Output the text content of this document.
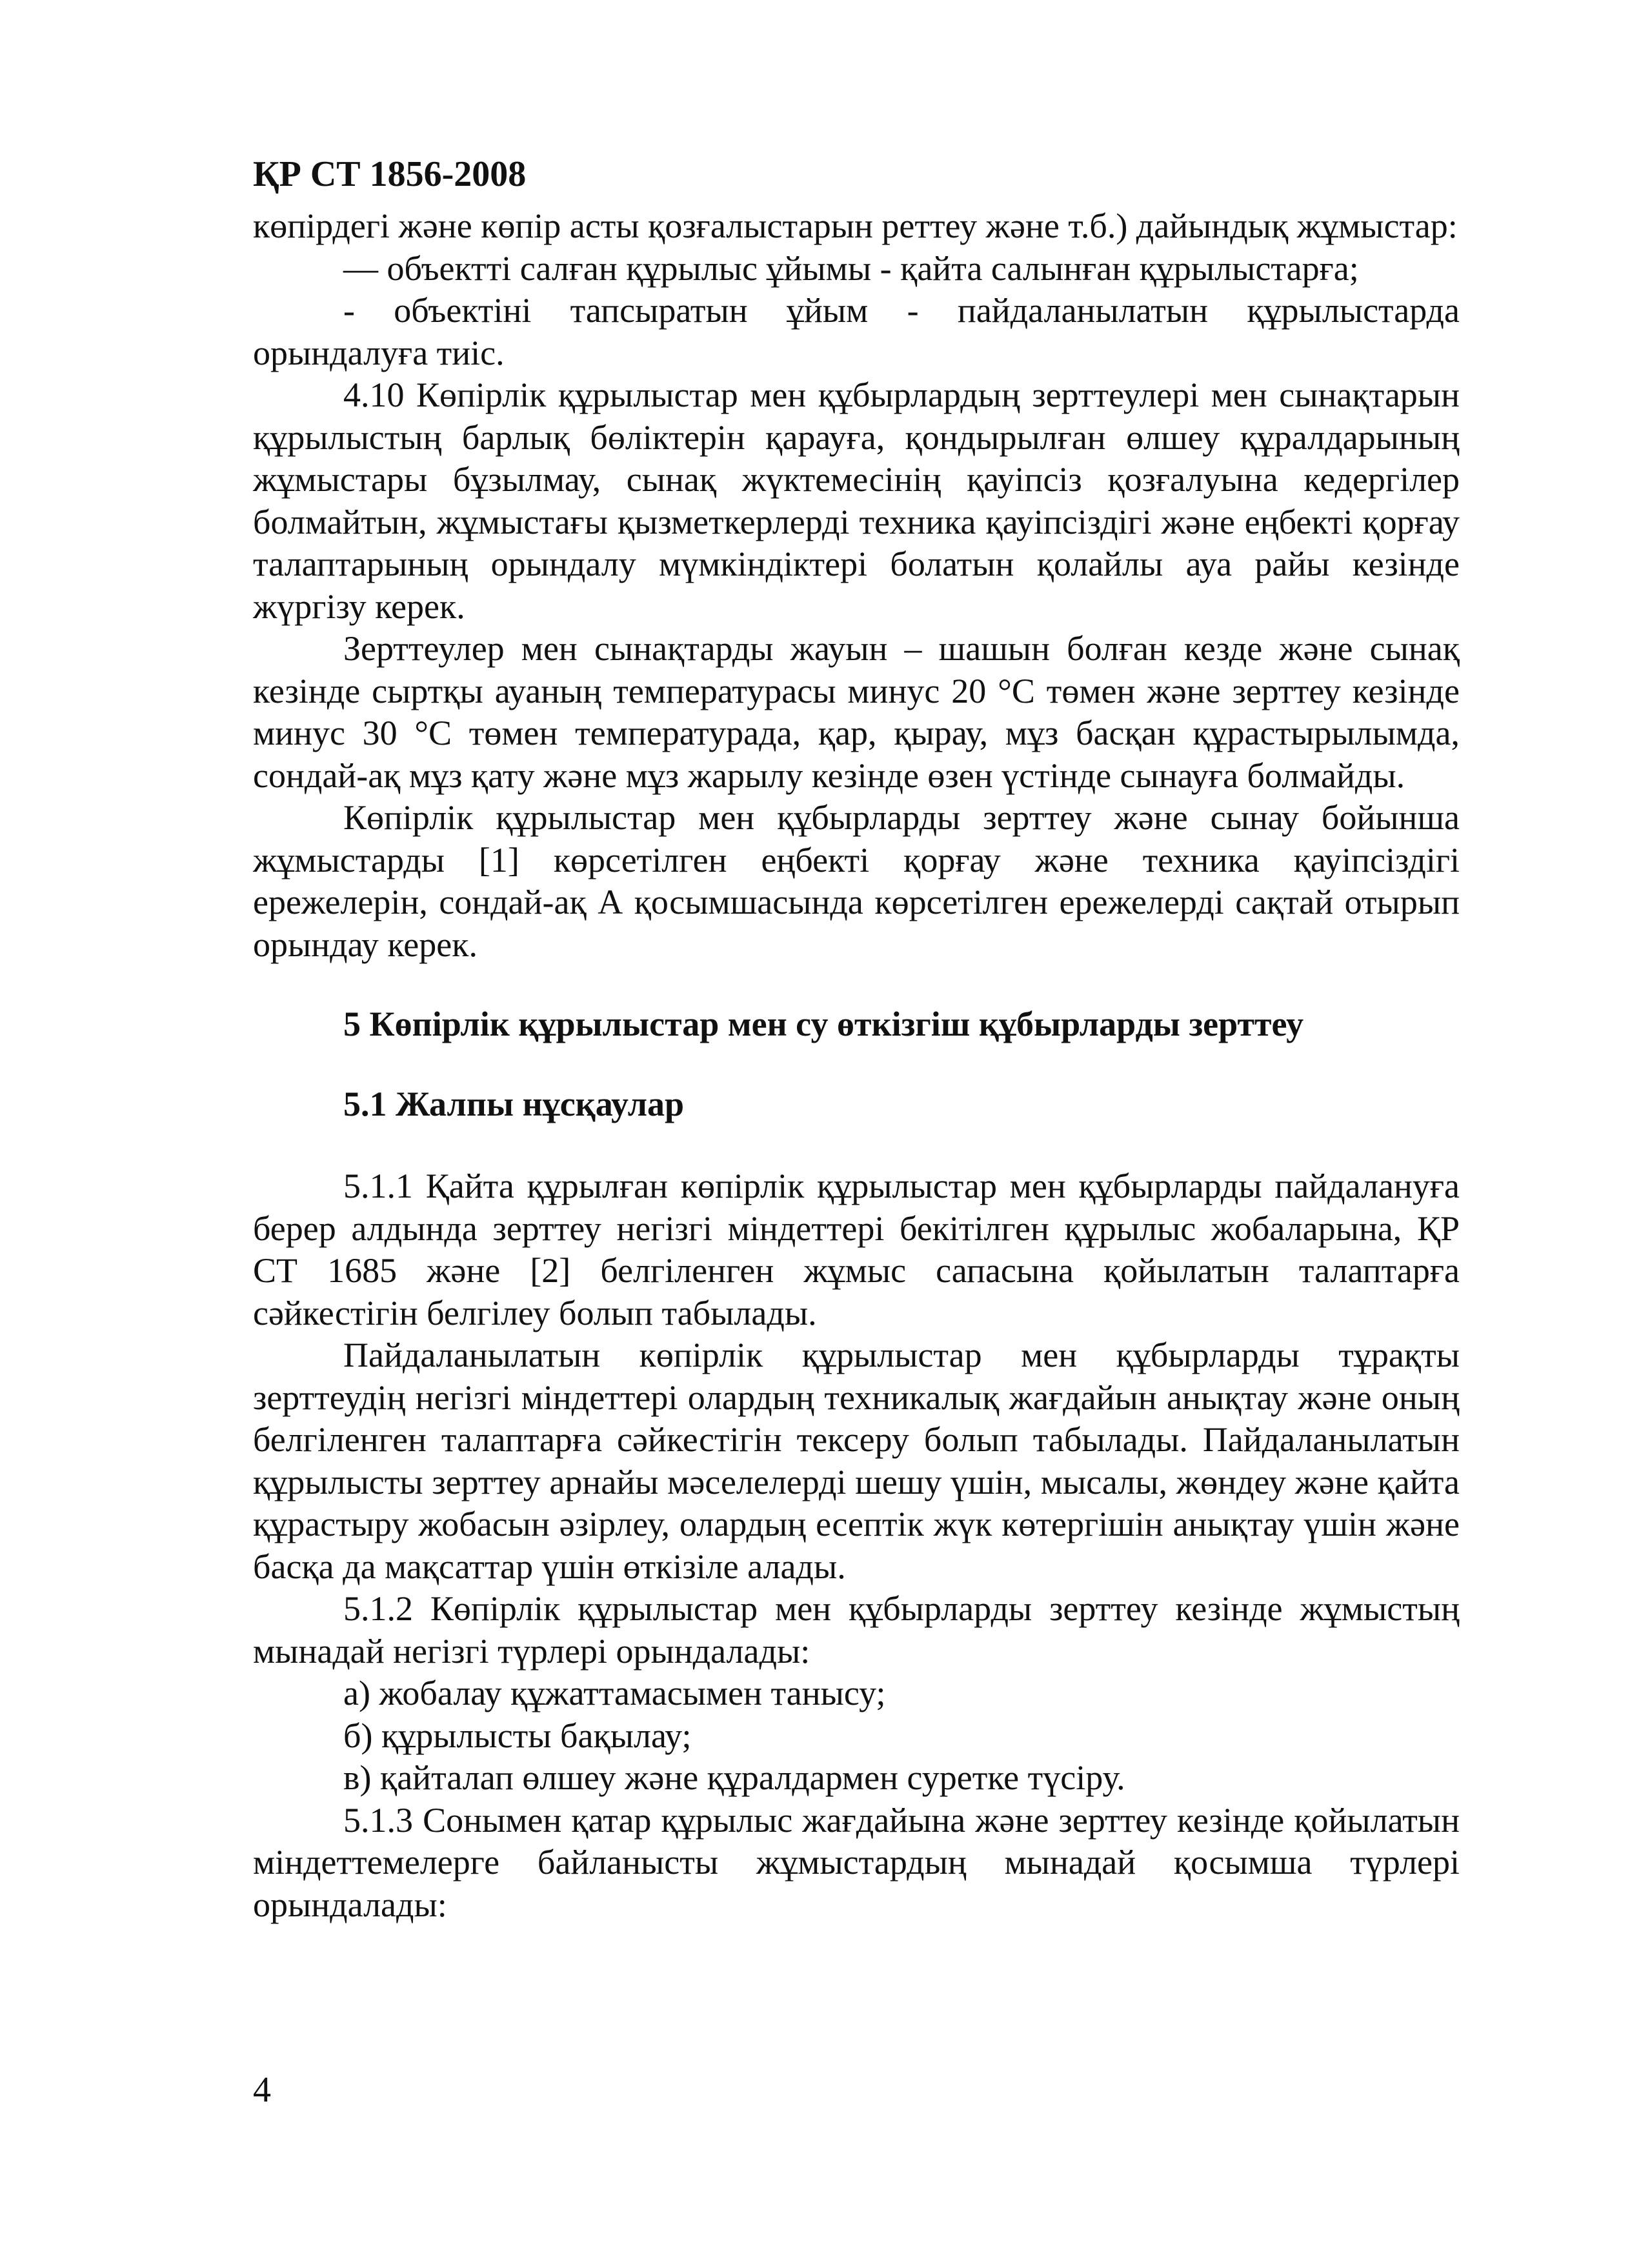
ҚР СТ 1856-2008

көпірдегі және көпір асты қозғалыстарын реттеу және т.б.) дайындық жұмыстар:

— объектті салған құрылыс ұйымы - қайта салынған құрылыстарға;

- объектіні тапсыратын ұйым - пайдаланылатын құрылыстарда орындалуға тиіс.

4.10 Көпірлік құрылыстар мен құбырлардың зерттеулері мен сынақтарын құрылыстың барлық бөліктерін қарауға, қондырылған өлшеу құралдарының жұмыстары бұзылмау, сынақ жүктемесінің қауіпсіз қозғалуына кедергілер болмайтын, жұмыстағы қызметкерлерді техника қауіпсіздігі және еңбекті қорғау талаптарының орындалу мүмкіндіктері болатын қолайлы ауа райы кезінде жүргізу керек.

Зерттеулер мен сынақтарды жауын – шашын болған кезде және сынақ кезінде сыртқы ауаның температурасы минус 20 °С төмен және зерттеу кезінде минус 30 °С төмен температурада, қар, қырау, мұз басқан құрастырылымда, сондай-ақ мұз қату және мұз жарылу кезінде өзен үстінде сынауға болмайды.

Көпірлік құрылыстар мен құбырларды зерттеу және сынау бойынша жұмыстарды [1] көрсетілген еңбекті қорғау және техника қауіпсіздігі ережелерін, сондай-ақ А қосымшасында көрсетілген ережелерді сақтай отырып орындау керек.

5 Көпірлік құрылыстар мен су өткізгіш құбырларды зерттеу

5.1 Жалпы нұсқаулар

5.1.1 Қайта құрылған көпірлік құрылыстар мен құбырларды пайдалануға берер алдында зерттеу негізгі міндеттері бекітілген құрылыс жобаларына, ҚР СТ 1685 және [2] белгіленген жұмыс сапасына қойылатын талаптарға сәйкестігін белгілеу болып табылады.

Пайдаланылатын көпірлік құрылыстар мен құбырларды тұрақты зерттеудің негізгі міндеттері олардың техникалық жағдайын анықтау және оның белгіленген талаптарға сәйкестігін тексеру болып табылады. Пайдаланылатын құрылысты зерттеу арнайы мәселелерді шешу үшін, мысалы, жөндеу және қайта құрастыру жобасын әзірлеу, олардың есептік жүк көтергішін анықтау үшін және басқа да мақсаттар үшін өткізіле алады.

5.1.2 Көпірлік құрылыстар мен құбырларды зерттеу кезінде жұмыстың мынадай негізгі түрлері орындалады:

а) жобалау құжаттамасымен танысу;

б) құрылысты бақылау;

в) қайталап өлшеу және құралдармен суретке түсіру.

5.1.3 Сонымен қатар құрылыс жағдайына және зерттеу кезінде қойылатын міндеттемелерге байланысты жұмыстардың мынадай қосымша түрлері орындалады:

4
